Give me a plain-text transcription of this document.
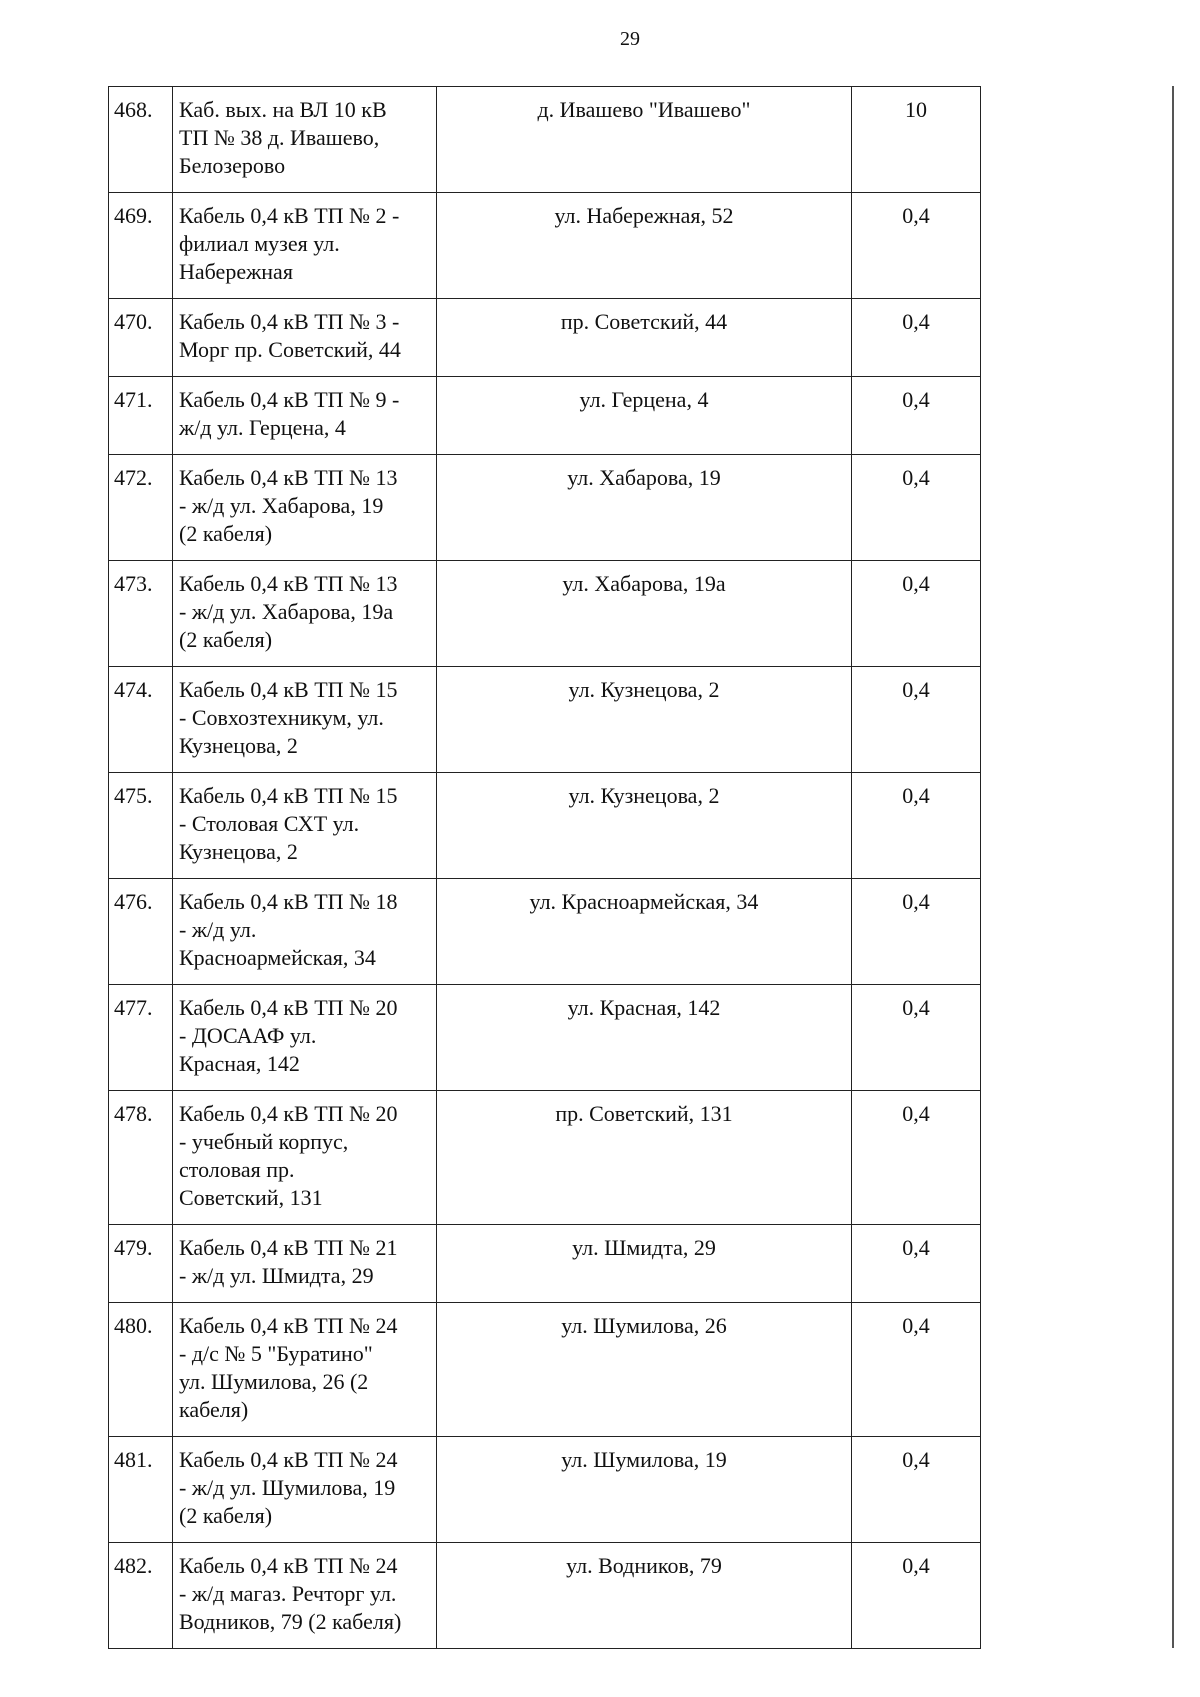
29
468.	Каб. вых. на ВЛ 10 кВ
ТП № 38 д. Ивашево,
Белозерово	д. Ивашево "Ивашево"	10
469.	Кабель 0,4 кВ ТП № 2 -
филиал музея ул.
Набережная	ул. Набережная, 52	0,4
470.	Кабель 0,4 кВ ТП № 3 -
Морг пр. Советский, 44	пр. Советский, 44	0,4
471.	Кабель 0,4 кВ ТП № 9 -
ж/д ул. Герцена, 4	ул. Герцена, 4	0,4
472.	Кабель 0,4 кВ ТП № 13
- ж/д ул. Хабарова, 19
(2 кабеля)	ул. Хабарова, 19	0,4
473.	Кабель 0,4 кВ ТП № 13
- ж/д ул. Хабарова, 19а
(2 кабеля)	ул. Хабарова, 19а	0,4
474.	Кабель 0,4 кВ ТП № 15
- Совхозтехникум, ул.
Кузнецова, 2	ул. Кузнецова, 2	0,4
475.	Кабель 0,4 кВ ТП № 15
- Столовая СХТ ул.
Кузнецова, 2	ул. Кузнецова, 2	0,4
476.	Кабель 0,4 кВ ТП № 18
- ж/д ул.
Красноармейская, 34	ул. Красноармейская, 34	0,4
477.	Кабель 0,4 кВ ТП № 20
- ДОСААФ ул.
Красная, 142	ул. Красная, 142	0,4
478.	Кабель 0,4 кВ ТП № 20
- учебный корпус,
столовая пр.
Советский, 131	пр. Советский, 131	0,4
479.	Кабель 0,4 кВ ТП № 21
- ж/д ул. Шмидта, 29	ул. Шмидта, 29	0,4
480.	Кабель 0,4 кВ ТП № 24
- д/с № 5 "Буратино"
ул. Шумилова, 26 (2
кабеля)	ул. Шумилова, 26	0,4
481.	Кабель 0,4 кВ ТП № 24
- ж/д ул. Шумилова, 19
(2 кабеля)	ул. Шумилова, 19	0,4
482.	Кабель 0,4 кВ ТП № 24
- ж/д магаз. Речторг ул.
Водников, 79 (2 кабеля)	ул. Водников, 79	0,4
